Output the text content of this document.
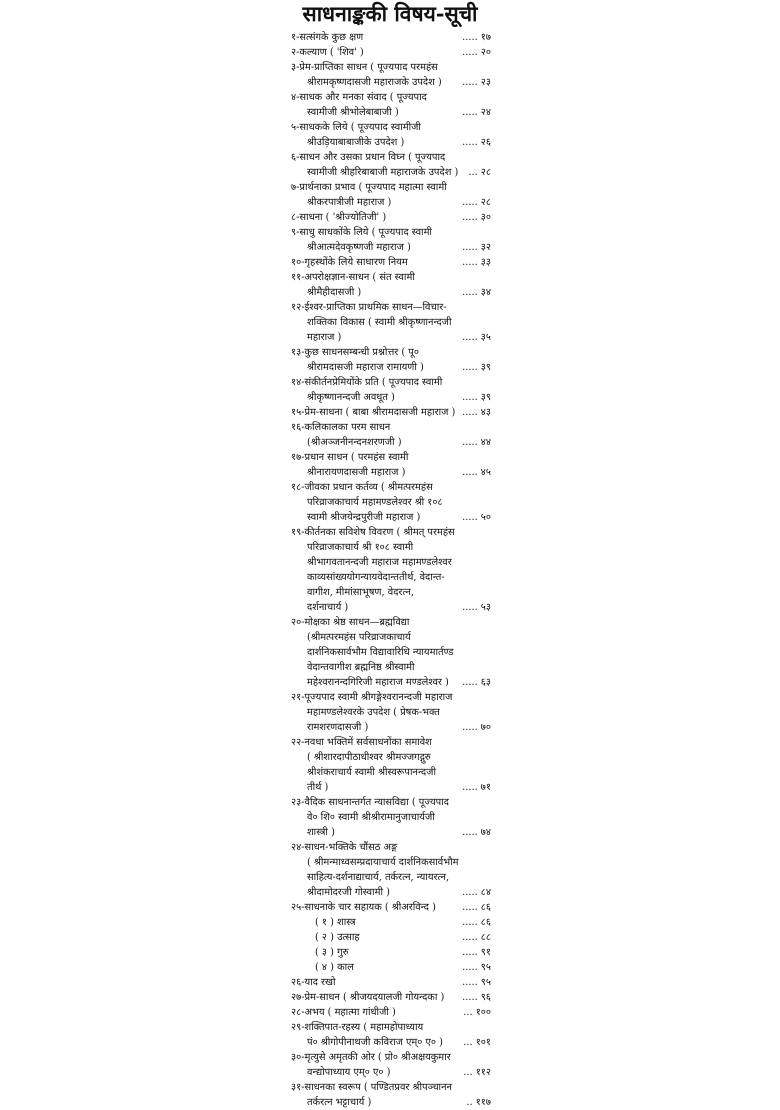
साधनाङ्ककी विषय-सूची
१-सत्संगके कुछ क्षण	..... १७
२-कल्याण ( 'शिव' )	..... २०
३-प्रेम-प्राप्तिका साधन ( पूज्यपाद परमहंस
श्रीरामकृष्णदासजी महाराजके उपदेश )	..... २३
४-साधक और मनका संवाद ( पूज्यपाद
स्वामीजी श्रीभोलेबाबाजी )	..... २४
५-साधकके लिये ( पूज्यपाद स्वामीजी
श्रीउड़ियाबाबाजीके उपदेश )	..... २६
६-साधन और उसका प्रधान विघ्न ( पूज्यपाद
स्वामीजी श्रीहरिबाबाजी महाराजके उपदेश ) ... २८
७-प्रार्थनाका प्रभाव ( पूज्यपाद महात्मा स्वामी
श्रीकरपात्रीजी महाराज )	..... २८
८-साधना ( 'श्रीज्योतिजी' )	..... ३०
९-साधु साधकोंके लिये ( पूज्यपाद स्वामी
श्रीआत्मदेवकृष्णजी महाराज )	..... ३२
१०-गृहस्थोंके लिये साधारण नियम	..... ३३
११-अपरोक्षज्ञान-साधन ( संत स्वामी
श्रीमैहीदासजी )	..... ३४
१२-ईश्वर-प्राप्तिका प्राथमिक साधन—विचार-
शक्तिका विकास ( स्वामी श्रीकृष्णानन्दजी
महाराज )	..... ३५
१३-कुछ साधनसम्बन्धी प्रश्नोत्तर ( पू०
श्रीरामदासजी महाराज रामायणी )	..... ३९
१४-संकीर्तनप्रेमियोंके प्रति ( पूज्यपाद स्वामी
श्रीकृष्णानन्दजी अवधूत )	..... ३९
१५-प्रेम-साधना ( बाबा श्रीरामदासजी महाराज ) ..... ४३
१६-कलिकालका परम साधन
(श्रीअञ्जनीनन्दनशरणजी )	..... ४४
१७-प्रधान साधन ( परमहंस स्वामी
श्रीनारायणदासजी महाराज )	..... ४५
१८-जीवका प्रधान कर्तव्य ( श्रीमत्परमहंस
परिव्राजकाचार्य महामण्डलेश्वर श्री १०८
स्वामी श्रीजयेन्द्रपुरीजी महाराज )	..... ५०
१९-कीर्तनका सविशेष विवरण ( श्रीमत् परमहंस
परिव्राजकाचार्य श्री १०८ स्वामी
श्रीभागवतानन्दजी महाराज महामण्डलेश्वर
काव्यसांख्ययोगन्यायवेदान्ततीर्थ, वेदान्त-
वागीश, मीमांसाभूषण, वेदरत्न,
दर्शनाचार्य )	..... ५३
२०-मोक्षका श्रेष्ठ साधन—ब्रह्मविद्या
(श्रीमत्परमहंस परिव्राजकाचार्य
दार्शनिकसार्वभौम विद्यावारिधि न्यायमार्तण्ड
वेदान्तवागीश ब्रह्मनिष्ठ श्रीस्वामी
महेश्वरानन्दगिरिजी महाराज मण्डलेश्वर )	..... ६३
२१-पूज्यपाद स्वामी श्रीगङ्गेश्वरानन्दजी महाराज
महामण्डलेश्वरके उपदेश ( प्रेषक-भक्त
रामशरणदासजी )	..... ७०
२२-नवधा भक्तिमें सर्वसाधनोंका समावेश
( श्रीशारदापीठाधीश्वर श्रीमज्जगद्गुरु
श्रीशंकराचार्य स्वामी श्रीस्वरूपानन्दजी
तीर्थ )	..... ७१
२३-वैदिक साधनान्तर्गत न्यासविद्या ( पूज्यपाद
वे० शि० स्वामी श्रीश्रीरामानुजाचार्यजी
शास्त्री )	..... ७४
२४-साधन-भक्तिके चौंसठ अङ्ग
( श्रीमन्माध्वसम्प्रदायाचार्य दार्शनिकसार्वभौम
साहित्य-दर्शनाद्याचार्य, तर्करत्न, न्यायरत्न,
श्रीदामोदरजी गोस्वामी )	..... ८४
२५-साधनाके चार सहायक ( श्रीअरविन्द )	..... ८६
( १ ) शास्त्र	..... ८६
( २ ) उत्साह	..... ८८
( ३ ) गुरु	..... ९१
( ४ ) काल	..... ९५
२६-याद रखो	..... ९५
२७-प्रेम-साधन ( श्रीजयदयालजी गोयन्दका )	..... ९६
२८-अभय ( महात्मा गांधीजी )	... १००
२९-शक्तिपात-रहस्य ( महामहोपाध्याय
पं० श्रीगोपीनाथजी कविराज एम्० ए० )	... १०१
३०-मृत्युसे अमृतकी ओर ( प्रो० श्रीअक्षयकुमार
वन्द्योपाध्याय एम्० ए० )	... ११२
३१-साधनका स्वरूप ( पण्डितप्रवर श्रीपञ्चानन
तर्करत्न भट्टाचार्य )	.. ११७
